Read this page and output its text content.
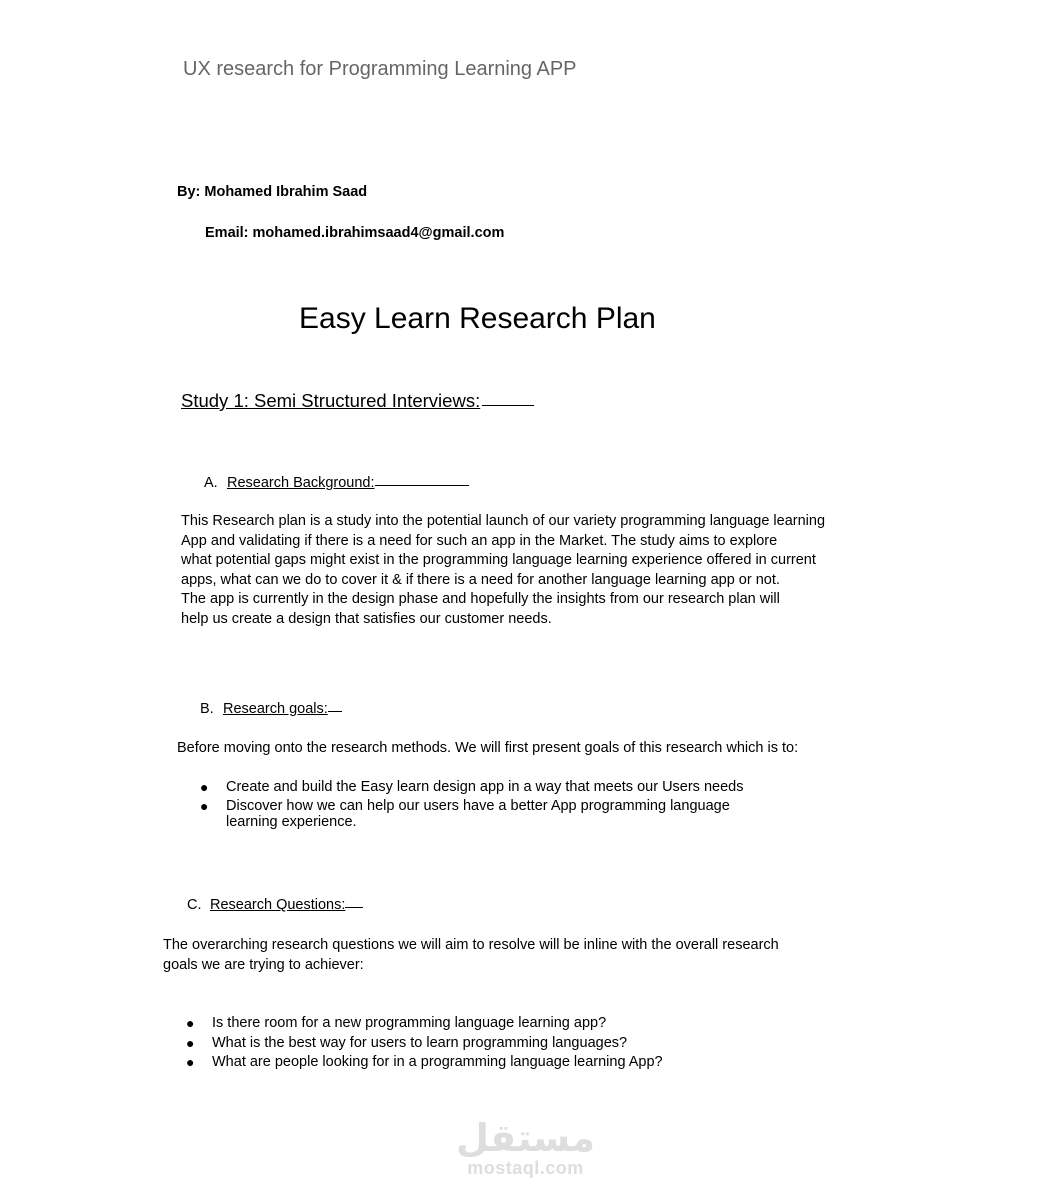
UX research for Programming Learning APP
By: Mohamed Ibrahim Saad
Email: mohamed.ibrahimsaad4@gmail.com
Easy Learn Research Plan
Study 1: Semi Structured Interviews:
A. Research Background:

This Research plan is a study into the potential launch of our variety programming language learning

App and validating if there is a need for such an app in the Market. The study aims to explore

what potential gaps might exist in the programming language learning experience offered in current

apps, what can we do to cover it & if there is a need for another language learning app or not.

The app is currently in the design phase and hopefully the insights from our research plan will

help us create a design that satisfies our customer needs.

B. Research goals:
Before moving onto the research methods. We will first present goals of this research which is to:
● Create and build the Easy learn design app in a way that meets our Users needs
● Discover how we can help our users have a better App programming language
learning experience.
C. Research Questions:

The overarching research questions we will aim to resolve will be inline with the overall research

goals we are trying to achiever:

● Is there room for a new programming language learning app?
● What is the best way for users to learn programming languages?
● What are people looking for in a programming language learning App?
مستقل
mostaql.com
